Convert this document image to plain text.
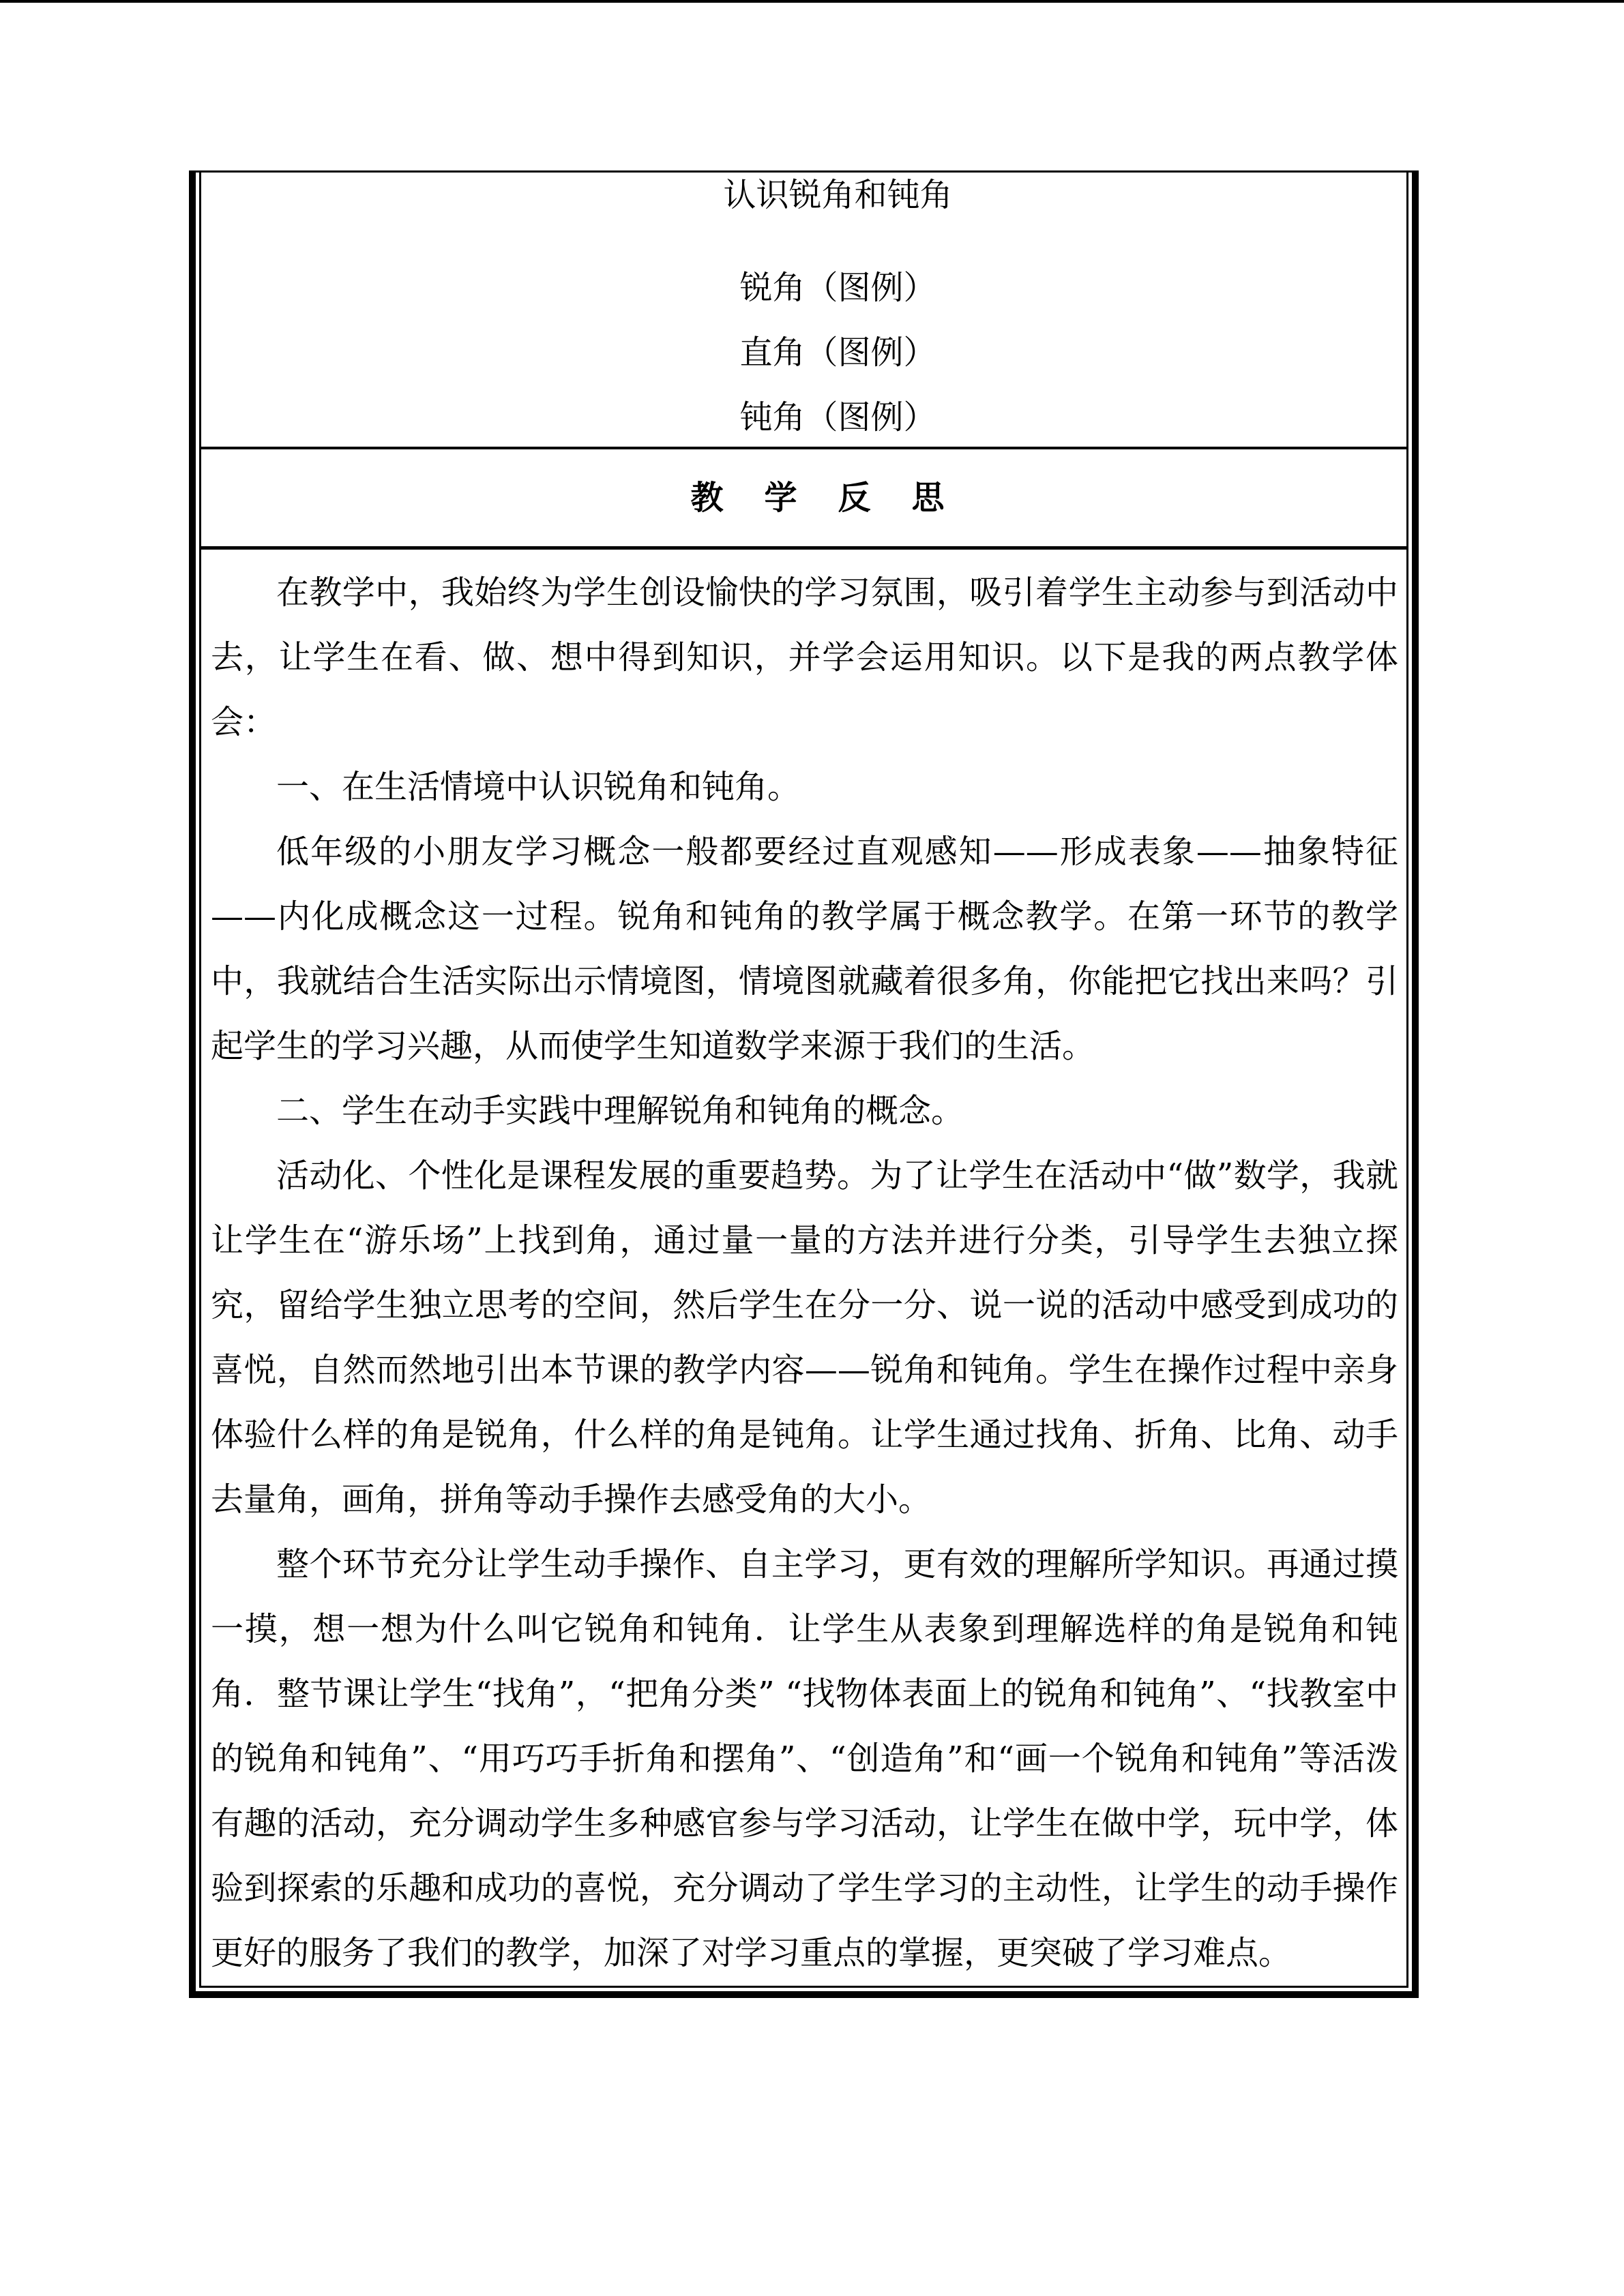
认识锐角和钝角
锐角（图例）
直角（图例）
钝角（图例）
教学反思

在教学中，我始终为学生创设愉快的学习氛围，吸引着学生主动参与到活动中去，让学生在看、做、想中得到知识，并学会运用知识。以下是我的两点教学体会：

一、在生活情境中认识锐角和钝角。

低年级的小朋友学习概念一般都要经过直观感知——形成表象——抽象特征——内化成概念这一过程。锐角和钝角的教学属于概念教学。在第一环节的教学中，我就结合生活实际出示情境图，情境图就藏着很多角，你能把它找出来吗？引起学生的学习兴趣，从而使学生知道数学来源于我们的生活。

二、学生在动手实践中理解锐角和钝角的概念。

活动化、个性化是课程发展的重要趋势。为了让学生在活动中“做”数学，我就让学生在“游乐场”上找到角，通过量一量的方法并进行分类，引导学生去独立探究，留给学生独立思考的空间，然后学生在分一分、说一说的活动中感受到成功的喜悦，自然而然地引出本节课的教学内容——锐角和钝角。学生在操作过程中亲身体验什么样的角是锐角，什么样的角是钝角。让学生通过找角、折角、比角、动手去量角，画角，拼角等动手操作去感受角的大小。

整个环节充分让学生动手操作、自主学习，更有效的理解所学知识。再通过摸一摸，想一想为什么叫它锐角和钝角．让学生从表象到理解选样的角是锐角和钝角．整节课让学生“找角”，“把角分类” “找物体表面上的锐角和钝角”、“找教室中的锐角和钝角”、“用巧巧手折角和摆角”、“创造角”和“画一个锐角和钝角”等活泼有趣的活动，充分调动学生多种感官参与学习活动，让学生在做中学，玩中学，体验到探索的乐趣和成功的喜悦，充分调动了学生学习的主动性，让学生的动手操作更好的服务了我们的教学，加深了对学习重点的掌握，更突破了学习难点。
